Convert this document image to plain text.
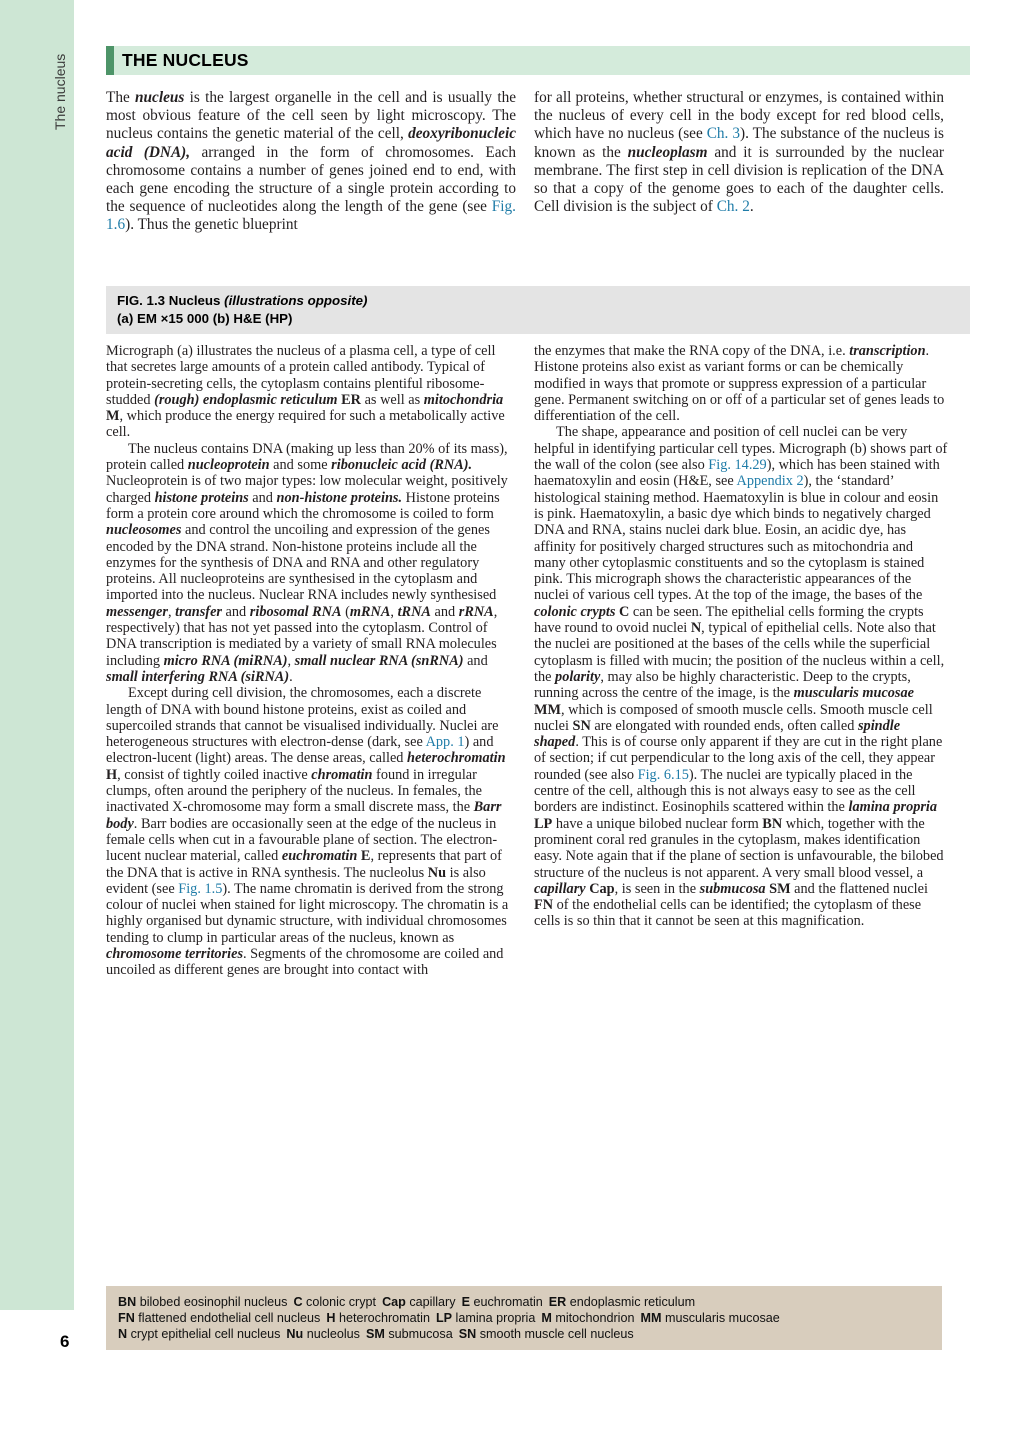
The nucleus
6
THE NUCLEUS

The nucleus is the largest organelle in the cell and is usually the most obvious feature of the cell seen by light microscopy. The nucleus contains the genetic material of the cell, deoxyribonucleic acid (DNA), arranged in the form of chromosomes. Each chromosome contains a number of genes joined end to end, with each gene encoding the structure of a single protein according to the sequence of nucleotides along the length of the gene (see Fig. 1.6). Thus the genetic blueprint

for all proteins, whether structural or enzymes, is contained within the nucleus of every cell in the body except for red blood cells, which have no nucleus (see Ch. 3). The substance of the nucleus is known as the nucleoplasm and it is surrounded by the nuclear membrane. The first step in cell division is replication of the DNA so that a copy of the genome goes to each of the daughter cells. Cell division is the subject of Ch. 2.

FIG. 1.3 Nucleus (illustrations opposite)
(a) EM ×15 000 (b) H&E (HP)

Micrograph (a) illustrates the nucleus of a plasma cell, a type of cell that secretes large amounts of a protein called antibody. Typical of protein-secreting cells, the cytoplasm contains plentiful ribosome-studded (rough) endoplasmic reticulum ER as well as mitochondria M, which produce the energy required for such a metabolically active cell.

The nucleus contains DNA (making up less than 20% of its mass), protein called nucleoprotein and some ribonucleic acid (RNA). Nucleoprotein is of two major types: low molecular weight, positively charged histone proteins and non-histone proteins. Histone proteins form a protein core around which the chromosome is coiled to form nucleosomes and control the uncoiling and expression of the genes encoded by the DNA strand. Non-histone proteins include all the enzymes for the synthesis of DNA and RNA and other regulatory proteins. All nucleoproteins are synthesised in the cytoplasm and imported into the nucleus. Nuclear RNA includes newly synthesised messenger, transfer and ribosomal RNA (mRNA, tRNA and rRNA, respectively) that has not yet passed into the cytoplasm. Control of DNA transcription is mediated by a variety of small RNA molecules including micro RNA (miRNA), small nuclear RNA (snRNA) and small interfering RNA (siRNA).

Except during cell division, the chromosomes, each a discrete length of DNA with bound histone proteins, exist as coiled and supercoiled strands that cannot be visualised individually. Nuclei are heterogeneous structures with electron-dense (dark, see App. 1) and electron-lucent (light) areas. The dense areas, called heterochromatin H, consist of tightly coiled inactive chromatin found in irregular clumps, often around the periphery of the nucleus. In females, the inactivated X-chromosome may form a small discrete mass, the Barr body. Barr bodies are occasionally seen at the edge of the nucleus in female cells when cut in a favourable plane of section. The electron-lucent nuclear material, called euchromatin E, represents that part of the DNA that is active in RNA synthesis. The nucleolus Nu is also evident (see Fig. 1.5). The name chromatin is derived from the strong colour of nuclei when stained for light microscopy. The chromatin is a highly organised but dynamic structure, with individual chromosomes tending to clump in particular areas of the nucleus, known as chromosome territories. Segments of the chromosome are coiled and uncoiled as different genes are brought into contact with

the enzymes that make the RNA copy of the DNA, i.e. transcription. Histone proteins also exist as variant forms or can be chemically modified in ways that promote or suppress expression of a particular gene. Permanent switching on or off of a particular set of genes leads to differentiation of the cell.

The shape, appearance and position of cell nuclei can be very helpful in identifying particular cell types. Micrograph (b) shows part of the wall of the colon (see also Fig. 14.29), which has been stained with haematoxylin and eosin (H&E, see Appendix 2), the ‘standard’ histological staining method. Haematoxylin is blue in colour and eosin is pink. Haematoxylin, a basic dye which binds to negatively charged DNA and RNA, stains nuclei dark blue. Eosin, an acidic dye, has affinity for positively charged structures such as mitochondria and many other cytoplasmic constituents and so the cytoplasm is stained pink. This micrograph shows the characteristic appearances of the nuclei of various cell types. At the top of the image, the bases of the colonic crypts C can be seen. The epithelial cells forming the crypts have round to ovoid nuclei N, typical of epithelial cells. Note also that the nuclei are positioned at the bases of the cells while the superficial cytoplasm is filled with mucin; the position of the nucleus within a cell, the polarity, may also be highly characteristic. Deep to the crypts, running across the centre of the image, is the muscularis mucosae MM, which is composed of smooth muscle cells. Smooth muscle cell nuclei SN are elongated with rounded ends, often called spindle shaped. This is of course only apparent if they are cut in the right plane of section; if cut perpendicular to the long axis of the cell, they appear rounded (see also Fig. 6.15). The nuclei are typically placed in the centre of the cell, although this is not always easy to see as the cell borders are indistinct. Eosinophils scattered within the lamina propria LP have a unique bilobed nuclear form BN which, together with the prominent coral red granules in the cytoplasm, makes identification easy. Note again that if the plane of section is unfavourable, the bilobed structure of the nucleus is not apparent. A very small blood vessel, a capillary Cap, is seen in the submucosa SM and the flattened nuclei FN of the endothelial cells can be identified; the cytoplasm of these cells is so thin that it cannot be seen at this magnification.

BN bilobed eosinophil nucleus C colonic crypt Cap capillary E euchromatin ER endoplasmic reticulum
FN flattened endothelial cell nucleus H heterochromatin LP lamina propria M mitochondrion MM muscularis mucosae
N crypt epithelial cell nucleus Nu nucleolus SM submucosa SN smooth muscle cell nucleus
